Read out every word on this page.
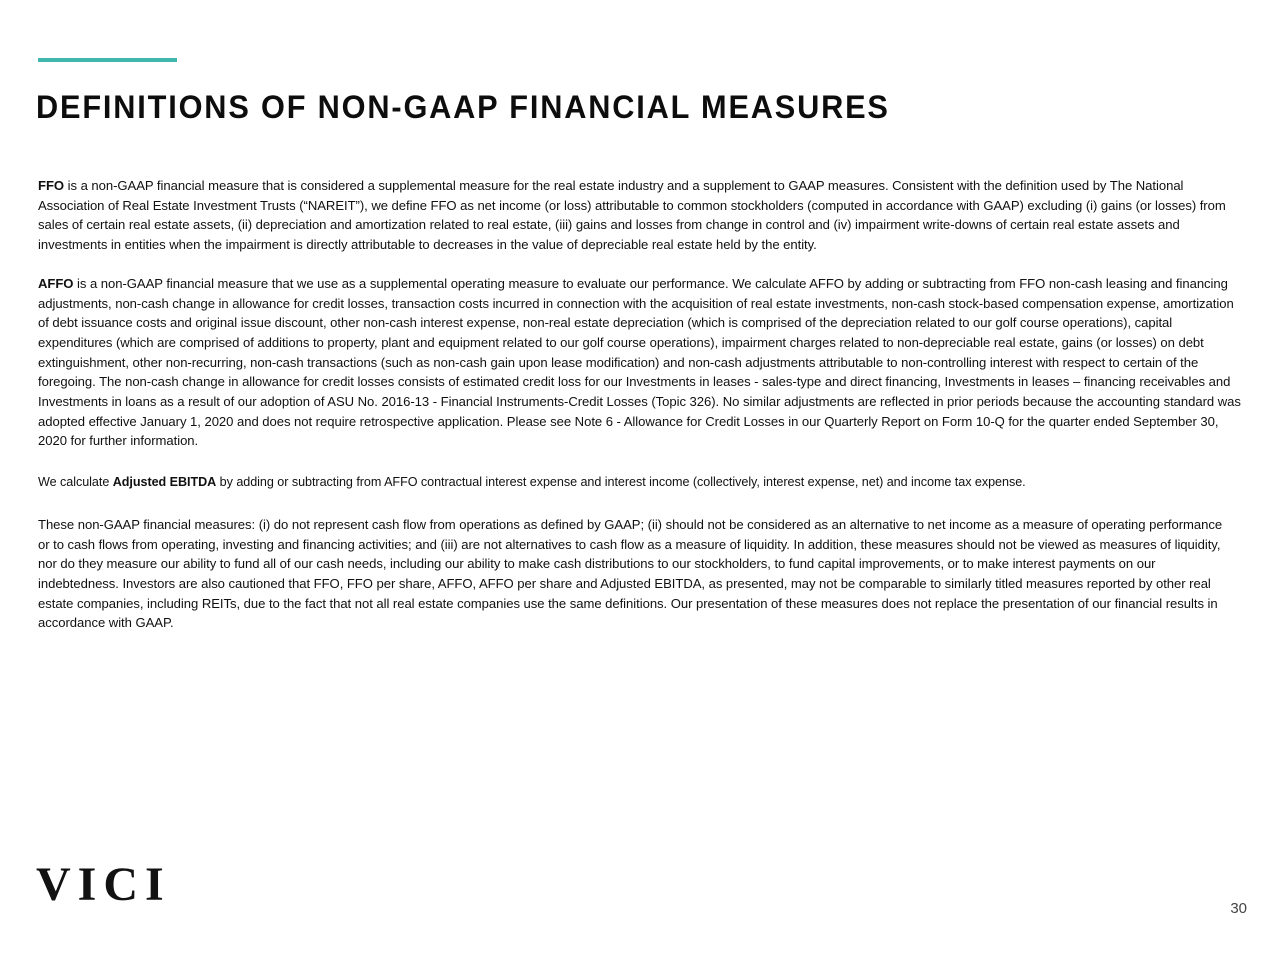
DEFINITIONS OF NON-GAAP FINANCIAL MEASURES

FFO is a non-GAAP financial measure that is considered a supplemental measure for the real estate industry and a supplement to GAAP measures. Consistent with the definition used by The National Association of Real Estate Investment Trusts (“NAREIT”), we define FFO as net income (or loss) attributable to common stockholders (computed in accordance with GAAP) excluding (i) gains (or losses) from sales of certain real estate assets, (ii) depreciation and amortization related to real estate, (iii) gains and losses from change in control and (iv) impairment write-downs of certain real estate assets and investments in entities when the impairment is directly attributable to decreases in the value of depreciable real estate held by the entity.

AFFO is a non-GAAP financial measure that we use as a supplemental operating measure to evaluate our performance. We calculate AFFO by adding or subtracting from FFO non-cash leasing and financing adjustments, non-cash change in allowance for credit losses, transaction costs incurred in connection with the acquisition of real estate investments, non-cash stock-based compensation expense, amortization of debt issuance costs and original issue discount, other non-cash interest expense, non-real estate depreciation (which is comprised of the depreciation related to our golf course operations), capital expenditures (which are comprised of additions to property, plant and equipment related to our golf course operations), impairment charges related to non-depreciable real estate, gains (or losses) on debt extinguishment, other non-recurring, non-cash transactions (such as non-cash gain upon lease modification) and non-cash adjustments attributable to non-controlling interest with respect to certain of the foregoing. The non-cash change in allowance for credit losses consists of estimated credit loss for our Investments in leases - sales-type and direct financing, Investments in leases – financing receivables and Investments in loans as a result of our adoption of ASU No. 2016-13 - Financial Instruments-Credit Losses (Topic 326). No similar adjustments are reflected in prior periods because the accounting standard was adopted effective January 1, 2020 and does not require retrospective application. Please see Note 6 - Allowance for Credit Losses in our Quarterly Report on Form 10-Q for the quarter ended September 30, 2020 for further information.

We calculate Adjusted EBITDA by adding or subtracting from AFFO contractual interest expense and interest income (collectively, interest expense, net) and income tax expense.

These non-GAAP financial measures: (i) do not represent cash flow from operations as defined by GAAP; (ii) should not be considered as an alternative to net income as a measure of operating performance or to cash flows from operating, investing and financing activities; and (iii) are not alternatives to cash flow as a measure of liquidity. In addition, these measures should not be viewed as measures of liquidity, nor do they measure our ability to fund all of our cash needs, including our ability to make cash distributions to our stockholders, to fund capital improvements, or to make interest payments on our indebtedness. Investors are also cautioned that FFO, FFO per share, AFFO, AFFO per share and Adjusted EBITDA, as presented, may not be comparable to similarly titled measures reported by other real estate companies, including REITs, due to the fact that not all real estate companies use the same definitions. Our presentation of these measures does not replace the presentation of our financial results in accordance with GAAP.

VICI	30
